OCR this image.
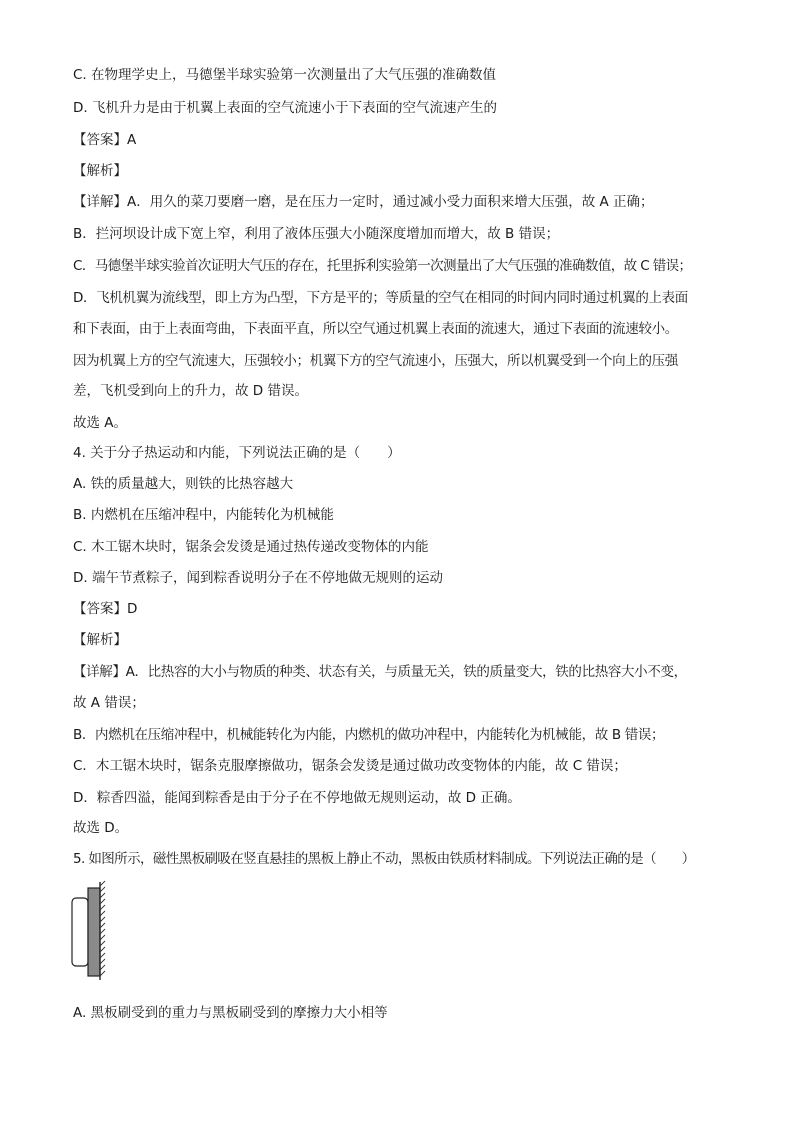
C. 在物理学史上，马德堡半球实验第一次测量出了大气压强的准确数值
D. 飞机升力是由于机翼上表面的空气流速小于下表面的空气流速产生的
【答案】A
【解析】
【详解】A．用久的菜刀要磨一磨，是在压力一定时，通过减小受力面积来增大压强，故 A 正确；
B．拦河坝设计成下宽上窄，利用了液体压强大小随深度增加而增大，故 B 错误；
C．马德堡半球实验首次证明大气压的存在，托里拆利实验第一次测量出了大气压强的准确数值，故 C 错误；
D．飞机机翼为流线型，即上方为凸型，下方是平的；等质量的空气在相同的时间内同时通过机翼的上表面
和下表面，由于上表面弯曲，下表面平直，所以空气通过机翼上表面的流速大，通过下表面的流速较小。
因为机翼上方的空气流速大，压强较小；机翼下方的空气流速小，压强大，所以机翼受到一个向上的压强
差，飞机受到向上的升力，故 D 错误。
故选 A。
4. 关于分子热运动和内能，下列说法正确的是（　　）
A. 铁的质量越大，则铁的比热容越大
B. 内燃机在压缩冲程中，内能转化为机械能
C. 木工锯木块时，锯条会发烫是通过热传递改变物体的内能
D. 端午节煮粽子，闻到粽香说明分子在不停地做无规则的运动
【答案】D
【解析】
【详解】A．比热容的大小与物质的种类、状态有关，与质量无关，铁的质量变大，铁的比热容大小不变，
故 A 错误；
B．内燃机在压缩冲程中，机械能转化为内能，内燃机的做功冲程中，内能转化为机械能，故 B 错误；
C．木工锯木块时，锯条克服摩擦做功，锯条会发烫是通过做功改变物体的内能，故 C 错误；
D．粽香四溢，能闻到粽香是由于分子在不停地做无规则运动，故 D 正确。
故选 D。
5. 如图所示，磁性黑板刷吸在竖直悬挂的黑板上静止不动，黑板由铁质材料制成。下列说法正确的是（　　）
A. 黑板刷受到的重力与黑板刷受到的摩擦力大小相等
